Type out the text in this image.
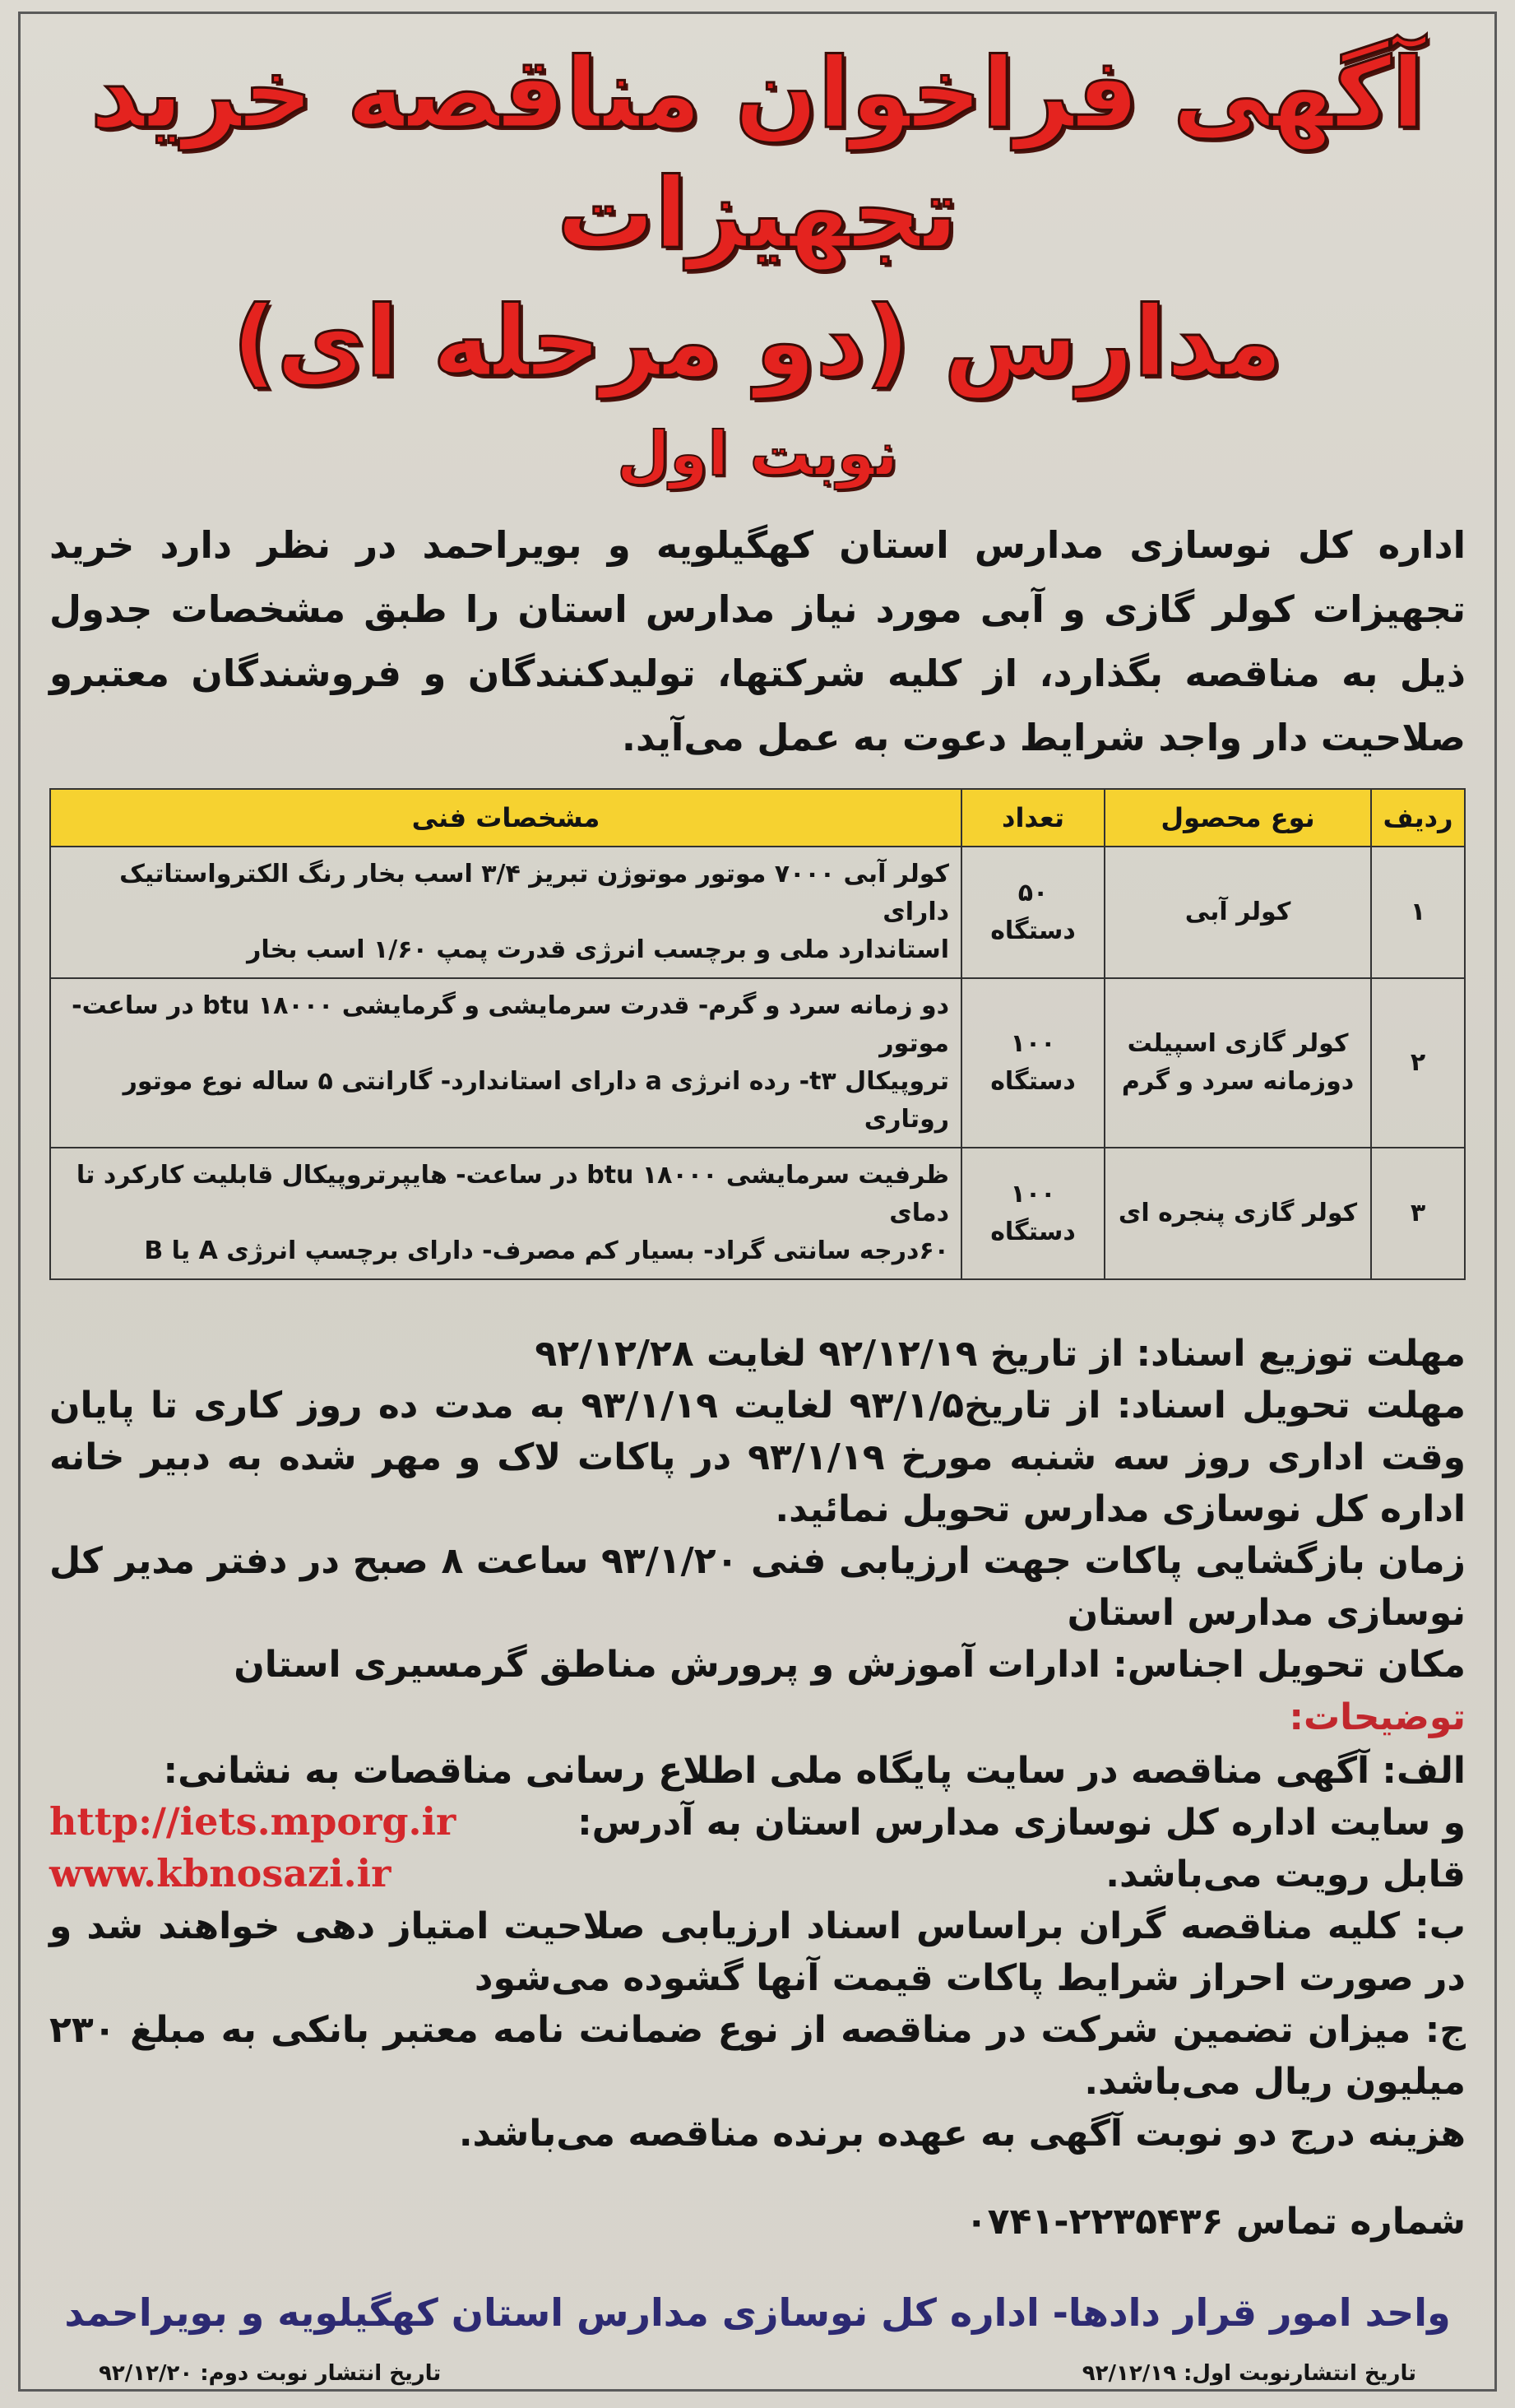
آگهی فراخوان مناقصه خرید تجهیزات
مدارس (دو مرحله ای)
نوبت اول

اداره کل نوسازی مدارس استان کهگیلویه و بویراحمد در نظر دارد خرید تجهیزات کولر گازی و آبی مورد نیاز مدارس استان را طبق مشخصات جدول ذیل به مناقصه بگذارد، از کلیه شرکتها، تولیدکنندگان و فروشندگان معتبرو صلاحیت دار واجد شرایط دعوت به عمل می‌آید.

ردیف	نوع محصول	تعداد	مشخصات فنی
۱	کولر آبی	۵۰ دستگاه	کولر آبی ۷۰۰۰ موتور موتوژن تبریز ۳/۴ اسب بخار رنگ الکترواستاتیک دارای
استاندارد ملی و برچسب انرژی قدرت پمپ ۱/۶۰ اسب بخار

۲	کولر گازی اسپیلت دوزمانه سرد و گرم	۱۰۰ دستگاه	دو زمانه سرد و گرم- قدرت سرمایشی و گرمایشی btu ۱۸۰۰۰ در ساعت- موتور
تروپیکال t۳- رده انرژی a دارای استاندارد- گارانتی ۵ ساله نوع موتور روتاری

۳	کولر گازی پنجره ای	۱۰۰ دستگاه	ظرفیت سرمایشی btu ۱۸۰۰۰ در ساعت- هایپرتروپیکال قابلیت کارکرد تا دمای
۶۰درجه سانتی گراد- بسیار کم مصرف- دارای برچسپ انرژی A یا B

مهلت توزیع اسناد: از تاریخ ۹۲/۱۲/۱۹ لغایت ۹۲/۱۲/۲۸

مهلت تحویل اسناد: از تاریخ۹۳/۱/۵ لغایت ۹۳/۱/۱۹ به مدت ده روز کاری تا پایان وقت اداری روز سه شنبه مورخ ۹۳/۱/۱۹ در پاکات لاک و مهر شده به دبیر خانه اداره کل نوسازی مدارس تحویل نمائید.

زمان بازگشایی پاکات جهت ارزیابی فنی ۹۳/۱/۲۰ ساعت ۸ صبح در دفتر مدیر کل نوسازی مدارس استان

مکان تحویل اجناس: ادارات آموزش و پرورش مناطق گرمسیری استان

توضیحات:

الف: آگهی مناقصه در سایت پایگاه ملی اطلاع رسانی مناقصات به نشانی:

و سایت اداره کل نوسازی مدارس استان به آدرس:
http://iets.mporg.ir
قابل رویت می‌باشد.
www.kbnosazi.ir

ب: کلیه مناقصه گران براساس اسناد ارزیابی صلاحیت امتیاز دهی خواهند شد و در صورت احراز شرایط پاکات قیمت آنها گشوده می‌شود

ج: میزان تضمین شرکت در مناقصه از نوع ضمانت نامه معتبر بانکی به مبلغ ۲۳۰ میلیون ریال می‌باشد.

هزینه درج دو نوبت آگهی به عهده برنده مناقصه می‌باشد.

شماره تماس ۲۲۳۵۴۳۶-۰۷۴۱

واحد امور قرار دادها- اداره کل نوسازی مدارس استان کهگیلویه و بویراحمد
تاریخ انتشارنوبت اول: ۹۲/۱۲/۱۹
تاریخ انتشار نوبت دوم: ۹۲/۱۲/۲۰
